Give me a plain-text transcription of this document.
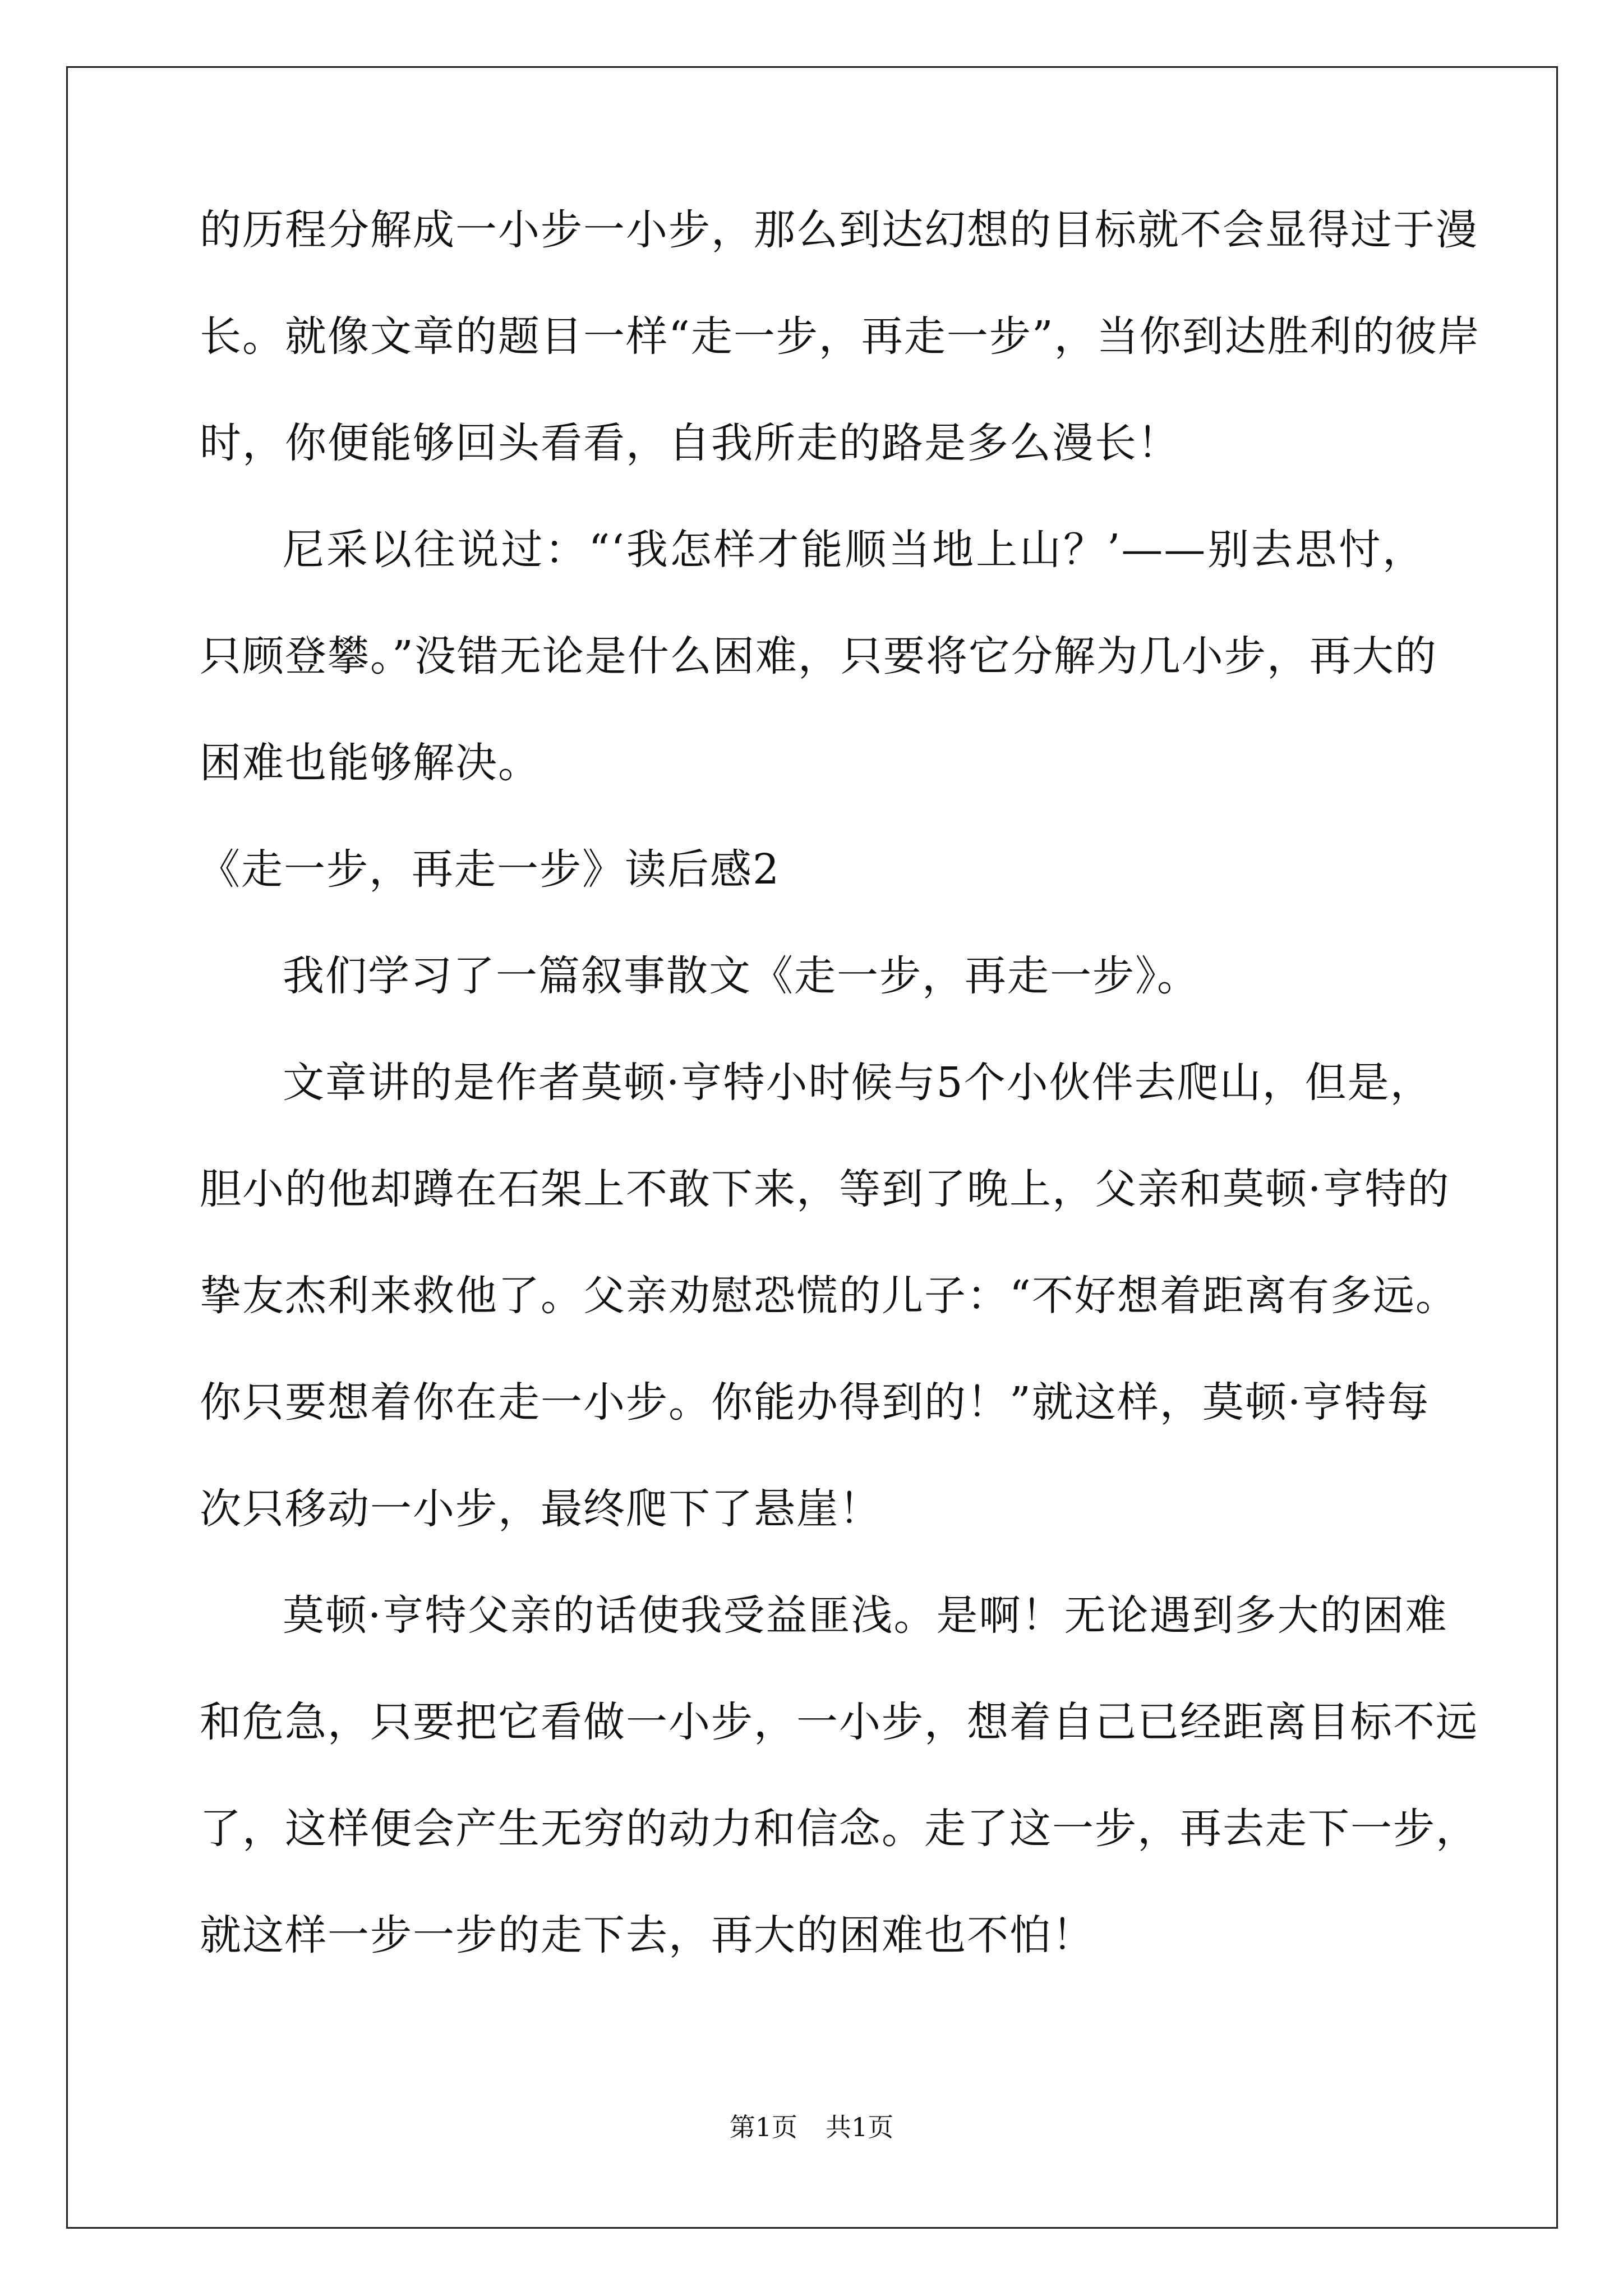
的历程分解成一小步一小步，那么到达幻想的目标就不会显得过于漫
长。就像文章的题目一样“走一步，再走一步”，当你到达胜利的彼岸
时，你便能够回头看看，自我所走的路是多么漫长！
尼采以往说过：“‘我怎样才能顺当地上山？’——别去思忖，
只顾登攀。”没错无论是什么困难，只要将它分解为几小步，再大的
困难也能够解决。
《走一步，再走一步》读后感2
我们学习了一篇叙事散文《走一步，再走一步》。
文章讲的是作者莫顿·亨特小时候与5个小伙伴去爬山，但是，
胆小的他却蹲在石架上不敢下来，等到了晚上，父亲和莫顿·亨特的
挚友杰利来救他了。父亲劝慰恐慌的儿子：“不好想着距离有多远。
你只要想着你在走一小步。你能办得到的！”就这样，莫顿·亨特每
次只移动一小步，最终爬下了悬崖！
莫顿·亨特父亲的话使我受益匪浅。是啊！无论遇到多大的困难
和危急，只要把它看做一小步，一小步，想着自己已经距离目标不远
了，这样便会产生无穷的动力和信念。走了这一步，再去走下一步，
就这样一步一步的走下去，再大的困难也不怕！
第1页 共1页
